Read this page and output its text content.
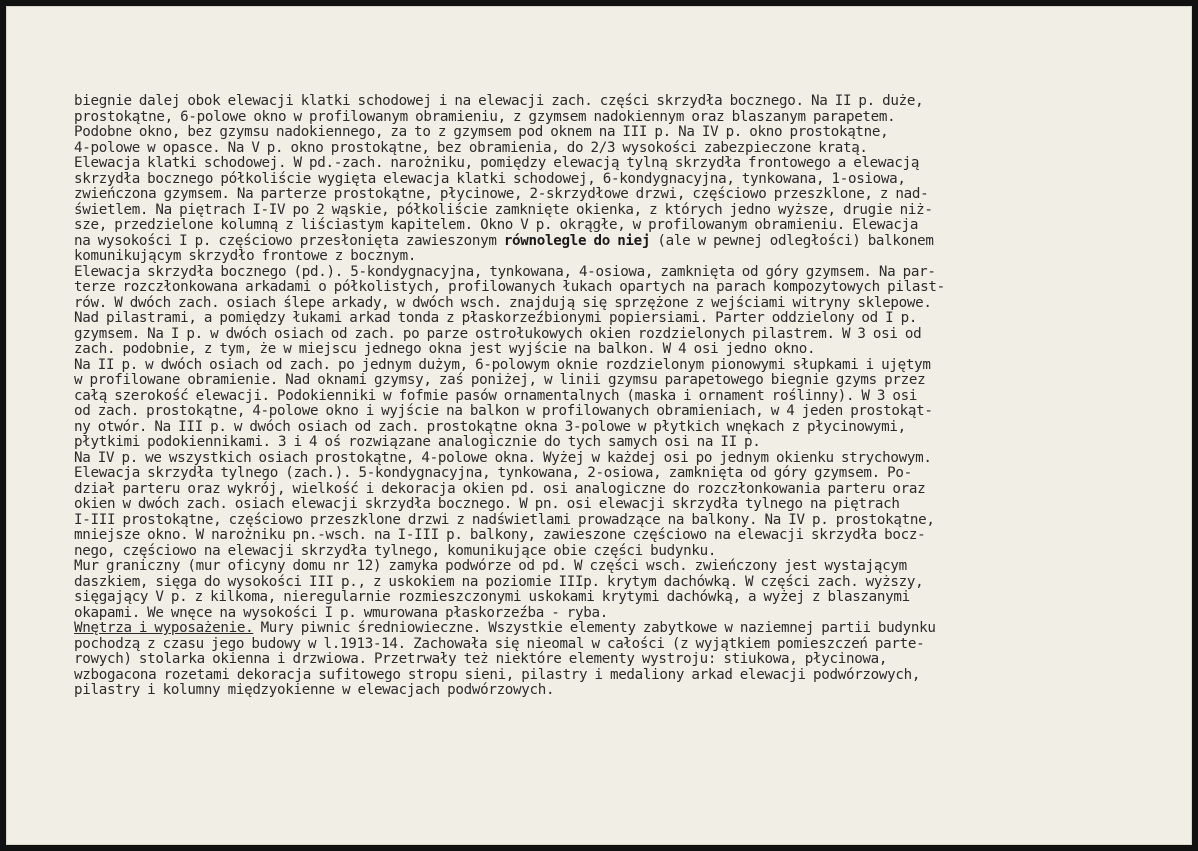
biegnie dalej obok elewacji klatki schodowej i na elewacji zach. części skrzydła bocznego. Na II p. duże,
prostokątne, 6-polowe okno w profilowanym obramieniu, z gzymsem nadokiennym oraz blaszanym parapetem.
Podobne okno, bez gzymsu nadokiennego, za to z gzymsem pod oknem na III p. Na IV p. okno prostokątne,
4-polowe w opasce. Na V p. okno prostokątne, bez obramienia, do 2/3 wysokości zabezpieczone kratą.
Elewacja klatki schodowej. W pd.-zach. narożniku, pomiędzy elewacją tylną skrzydła frontowego a elewacją
skrzydła bocznego półkoliście wygięta elewacja klatki schodowej, 6-kondygnacyjna, tynkowana, 1-osiowa,
zwieńczona gzymsem. Na parterze prostokątne, płycinowe, 2-skrzydłowe drzwi, częściowo przeszklone, z nad-
świetlem. Na piętrach I-IV po 2 wąskie, półkoliście zamknięte okienka, z których jedno wyższe, drugie niż-
sze, przedzielone kolumną z liściastym kapitelem. Okno V p. okrągłe, w profilowanym obramieniu. Elewacja
na wysokości I p. częściowo przesłonięta zawieszonym równolegle do niej (ale w pewnej odległości) balkonem
komunikującym skrzydło frontowe z bocznym.
Elewacja skrzydła bocznego (pd.). 5-kondygnacyjna, tynkowana, 4-osiowa, zamknięta od góry gzymsem. Na par-
terze rozczłonkowana arkadami o półkolistych, profilowanych łukach opartych na parach kompozytowych pilast-
rów. W dwóch zach. osiach ślepe arkady, w dwóch wsch. znajdują się sprzężone z wejściami witryny sklepowe.
Nad pilastrami, a pomiędzy łukami arkad tonda z płaskorzeźbionymi popiersiami. Parter oddzielony od I p.
gzymsem. Na I p. w dwóch osiach od zach. po parze ostrołukowych okien rozdzielonych pilastrem. W 3 osi od
zach. podobnie, z tym, że w miejscu jednego okna jest wyjście na balkon. W 4 osi jedno okno.
Na II p. w dwóch osiach od zach. po jednym dużym, 6-polowym oknie rozdzielonym pionowymi słupkami i ujętym
w profilowane obramienie. Nad oknami gzymsy, zaś poniżej, w linii gzymsu parapetowego biegnie gzyms przez
całą szerokość elewacji. Podokienniki w fofmie pasów ornamentalnych (maska i ornament roślinny). W 3 osi
od zach. prostokątne, 4-polowe okno i wyjście na balkon w profilowanych obramieniach, w 4 jeden prostokąt-
ny otwór. Na III p. w dwóch osiach od zach. prostokątne okna 3-polowe w płytkich wnękach z płycinowymi,
płytkimi podokiennikami. 3 i 4 oś rozwiązane analogicznie do tych samych osi na II p.
Na IV p. we wszystkich osiach prostokątne, 4-polowe okna. Wyżej w każdej osi po jednym okienku strychowym.
Elewacja skrzydła tylnego (zach.). 5-kondygnacyjna, tynkowana, 2-osiowa, zamknięta od góry gzymsem. Po-
dział parteru oraz wykrój, wielkość i dekoracja okien pd. osi analogiczne do rozczłonkowania parteru oraz
okien w dwóch zach. osiach elewacji skrzydła bocznego. W pn. osi elewacji skrzydła tylnego na piętrach
I-III prostokątne, częściowo przeszklone drzwi z nadświetlami prowadzące na balkony. Na IV p. prostokątne,
mniejsze okno. W narożniku pn.-wsch. na I-III p. balkony, zawieszone częściowo na elewacji skrzydła bocz-
nego, częściowo na elewacji skrzydła tylnego, komunikujące obie części budynku.
Mur graniczny (mur oficyny domu nr 12) zamyka podwórze od pd. W części wsch. zwieńczony jest wystającym
daszkiem, sięga do wysokości III p., z uskokiem na poziomie IIIp. krytym dachówką. W części zach. wyższy,
sięgający V p. z kilkoma, nieregularnie rozmieszczonymi uskokami krytymi dachówką, a wyżej z blaszanymi
okapami. We wnęce na wysokości I p. wmurowana płaskorzeźba - ryba.
Wnętrza i wyposażenie. Mury piwnic średniowieczne. Wszystkie elementy zabytkowe w naziemnej partii budynku
pochodzą z czasu jego budowy w l.1913-14. Zachowała się nieomal w całości (z wyjątkiem pomieszczeń parte-
rowych) stolarka okienna i drzwiowa. Przetrwały też niektóre elementy wystroju: stiukowa, płycinowa,
wzbogacona rozetami dekoracja sufitowego stropu sieni, pilastry i medaliony arkad elewacji podwórzowych,
pilastry i kolumny międzyokienne w elewacjach podwórzowych.
